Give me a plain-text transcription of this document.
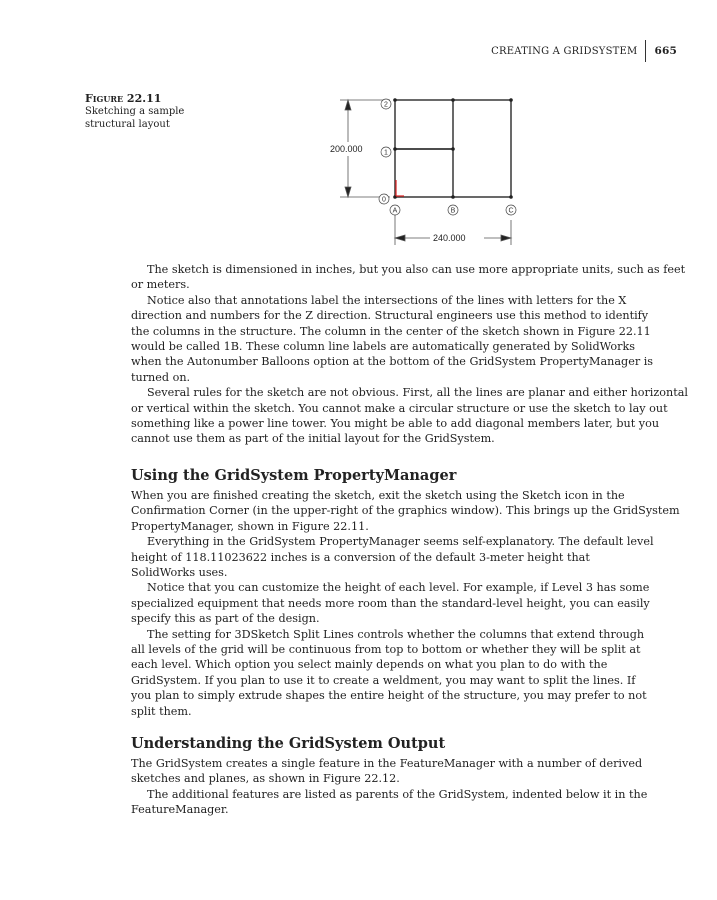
CREATING A GRIDSYSTEM 665
Figure 22.11
Sketching a sample
structural layout
200.000
240.000
2
1
0
A	B	C
The sketch is dimensioned in inches, but you also can use more appropriate units, such as feet
or meters.
Notice also that annotations label the intersections of the lines with letters for the X
direction and numbers for the Z direction. Structural engineers use this method to identify
the columns in the structure. The column in the center of the sketch shown in Figure 22.11
would be called 1B. These column line labels are automatically generated by SolidWorks
when the Autonumber Balloons option at the bottom of the GridSystem PropertyManager is
turned on.
Several rules for the sketch are not obvious. First, all the lines are planar and either horizontal
or vertical within the sketch. You cannot make a circular structure or use the sketch to lay out
something like a power line tower. You might be able to add diagonal members later, but you
cannot use them as part of the initial layout for the GridSystem.
Using the GridSystem PropertyManager
When you are finished creating the sketch, exit the sketch using the Sketch icon in the
Confirmation Corner (in the upper-right of the graphics window). This brings up the GridSystem
PropertyManager, shown in Figure 22.11.
Everything in the GridSystem PropertyManager seems self-explanatory. The default level
height of 118.11023622 inches is a conversion of the default 3-meter height that
SolidWorks uses.
Notice that you can customize the height of each level. For example, if Level 3 has some
specialized equipment that needs more room than the standard-level height, you can easily
specify this as part of the design.
The setting for 3DSketch Split Lines controls whether the columns that extend through
all levels of the grid will be continuous from top to bottom or whether they will be split at
each level. Which option you select mainly depends on what you plan to do with the
GridSystem. If you plan to use it to create a weldment, you may want to split the lines. If
you plan to simply extrude shapes the entire height of the structure, you may prefer to not
split them.
Understanding the GridSystem Output
The GridSystem creates a single feature in the FeatureManager with a number of derived
sketches and planes, as shown in Figure 22.12.
The additional features are listed as parents of the GridSystem, indented below it in the
FeatureManager.
